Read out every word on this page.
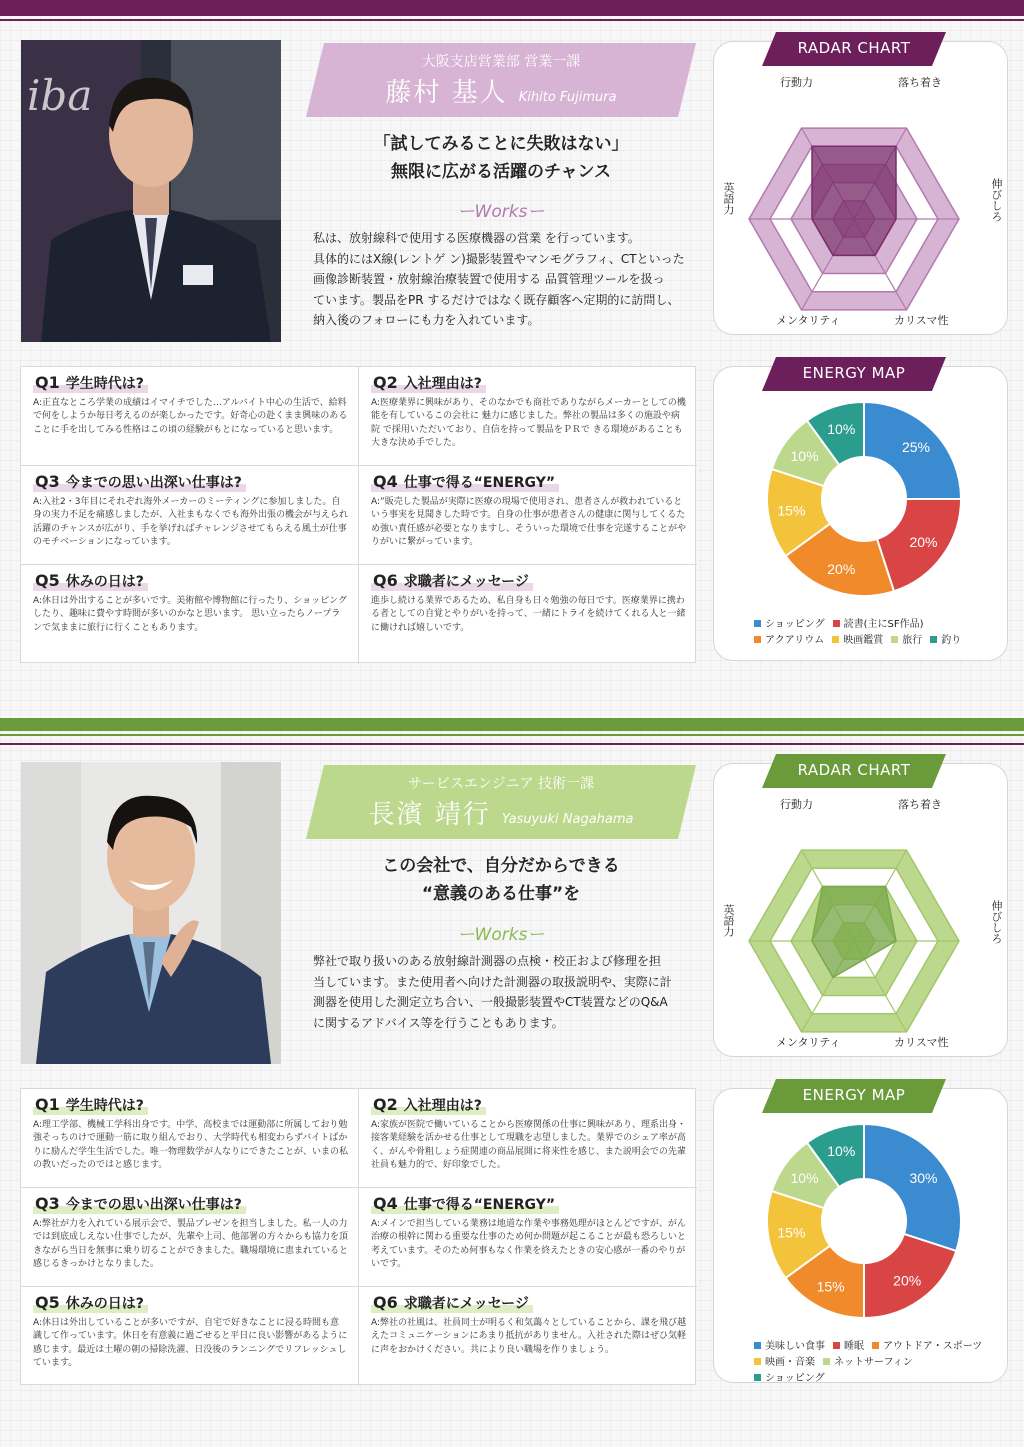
iba
大阪支店営業部 営業一課
藤村 基人 Kihito Fujimura
「試してみることに失敗はない」
無限に広がる活躍のチャンス
ーWorksー
私は、放射線科で使用する医療機器の営業 を行っています。
具体的にはX線(レントゲ ン)撮影装置やマンモグラフィ、CTといった
画像診断装置・放射線治療装置で使用する 品質管理ツールを扱っ
ています。製品をPR するだけではなく既存顧客へ定期的に訪問し、
納入後のフォローにも力を入れています。
Q1 学生時代は?
A:正直なところ学業の成績はイマイチでした…アルバイト中心の生活で、給料で何をしようか毎日考えるのが楽しかったです。好奇心の赴くまま興味のあることに手を出してみる性格はこの頃の経験がもとになっていると思います。
Q2 入社理由は?
A:医療業界に興味があり、そのなかでも商社でありながらメーカーとしての機能を有しているこの会社に 魅力に感じました。弊社の製品は多くの施設や病院 で採用いただいており、自信を持って製品をＰＲで きる環境があることも大きな決め手でした。
Q3 今までの思い出深い仕事は?
A:入社2・3年目にそれぞれ海外メーカーのミーティングに参加しました。自身の実力不足を痛感しましたが、入社まもなくでも海外出張の機会が与えられ 活躍のチャンスが広がり、手を挙げればチャレンジさせてもらえる風土が仕事のモチベーションになっています。
Q4 仕事で得る“ENERGY”
A:”販売した製品が実際に医療の現場で使用され、患者さんが救われているという事実を見聞きした時です。自身の仕事が患者さんの健康に関与してくるた め強い責任感が必要となりますし、そういった環境で仕事を完遂することがやりがいに繋がっています。
Q5 休みの日は?
A:休日は外出することが多いです。美術館や博物館に行ったり、ショッピングしたり、趣味に費やす時間が多いのかなと思います。 思い立ったらノープランで気ままに旅行に行くこともあります。
Q6 求職者にメッセージ
進歩し続ける業界であるため、私自身も日々勉強の毎日です。医療業界に携わる者としての自覚とやりがいを持って、一緒にトライを続けてくれる人と一緒に働ければ嬉しいです。
RADAR CHART
行動力	落ち着き
伸びしろ
カリスマ性
メンタリティ
英語力
25%
20%
20%
15%
10%
10%
ENERGY MAP
ショッピング 読書(主にSF作品)
アクアリウム 映画鑑賞 旅行 釣り
サービスエンジニア 技術一課
長濱 靖行 Yasuyuki Nagahama
この会社で、自分だからできる
“意義のある仕事”を
ーWorksー
弊社で取り扱いのある放射線計測器の点検・校正および修理を担
当しています。また使用者へ向けた計測器の取扱説明や、実際に計
測器を使用した測定立ち合い、一般撮影装置やCT装置などのQ&A
に関するアドバイス等を行うこともあります。
Q1 学生時代は?
A:理工学部、機械工学科出身です。中学、高校までは運動部に所属しており勉強そっちのけで運動一筋に取り組んでおり、大学時代も相変わらずバイトばかりに励んだ学生生活でした。唯一物理数学が人なりにできたことが、いまの私の教いだったのではと感じます。
Q2 入社理由は?
A:家族が医院で働いていることから医療関係の仕事に興味があり、理系出身・接客業経験を活かせる仕事として現職を志望しました。業界でのシェア率が高く、がんや骨粗しょう症関連の商品展開に将来性を感じ、また説明会での先輩社員も魅力的で、好印象でした。
Q3 今までの思い出深い仕事は?
A:弊社が力を入れている展示会で、製品プレゼンを担当しました。私一人の力では到底成しえない仕事でしたが、先輩や上司、他部署の方々からも協力を頂きながら当日を無事に乗り切ることができました。職場環境に恵まれていると感じるきっかけとなりました。
Q4 仕事で得る“ENERGY”
A:メインで担当している業務は地道な作業や事務処理がほとんどですが、がん治療の根幹に関わる重要な仕事のため何か問題が起こることが最も恐ろしいと考えています。そのため何事もなく作業を終えたときの安心感が一番のやりがいです。
Q5 休みの日は?
A:休日は外出していることが多いですが、自宅で好きなことに浸る時間も意識して作っています。休日を有意義に過ごせると平日に良い影響があるように感じます。最近は土曜の朝の掃除洗濯、日没後のランニングでリフレッシュしています。
Q6 求職者にメッセージ
A:弊社の社風は、社員同士が明るく和気藹々としていることから、課を飛び越えたコミュニケーションにあまり抵抗がありません。入社された際はぜひ気軽に声をおかけください。共により良い職場を作りましょう。
RADAR CHART
行動力	落ち着き
伸びしろ
カリスマ性
メンタリティ
英語力
30%
20%
15%
15%
10%
10%
ENERGY MAP
美味しい食事 睡眠 アウトドア・スポーツ
映画・音楽 ネットサーフィンショッピング
